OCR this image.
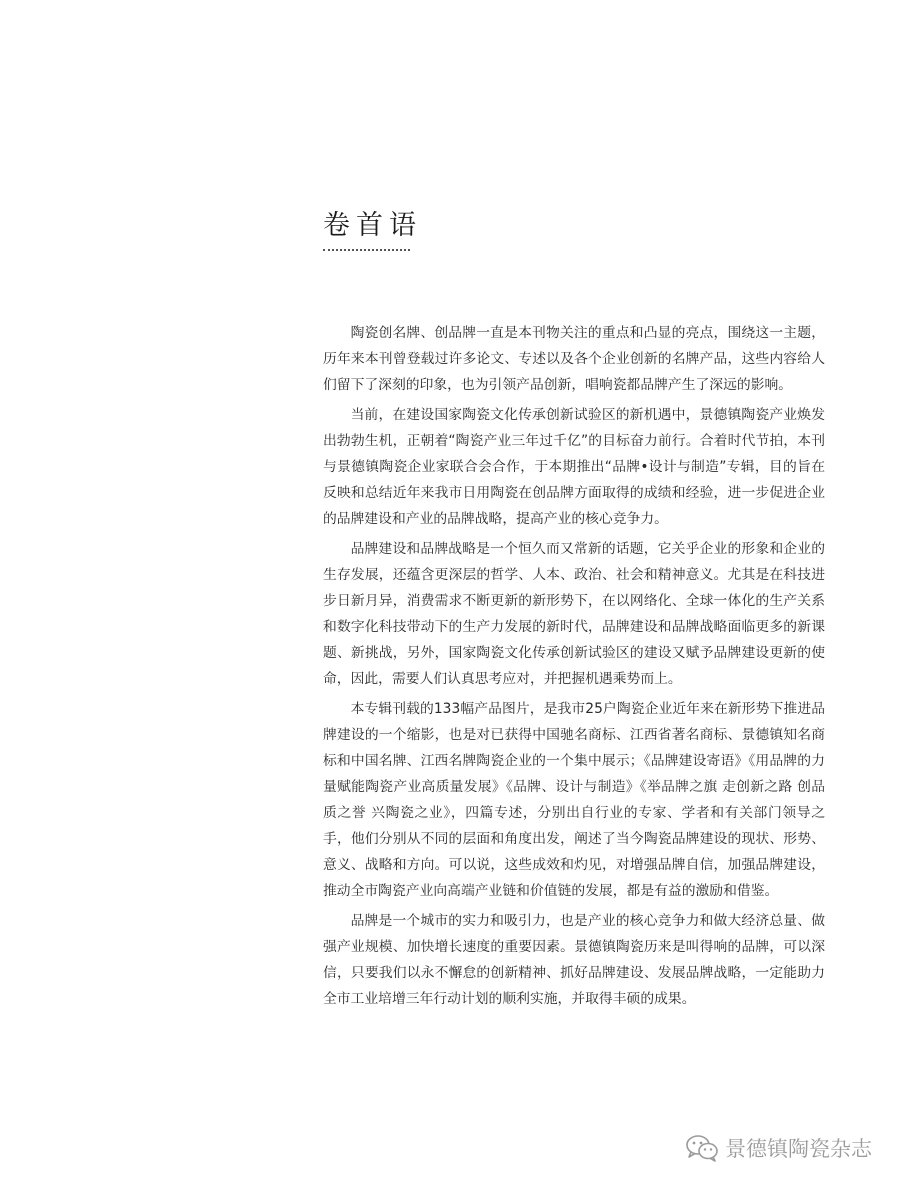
卷首语

陶瓷创名牌、创品牌一直是本刊物关注的重点和凸显的亮点，围绕这一主题，历年来本刊曾登载过许多论文、专述以及各个企业创新的名牌产品，这些内容给人们留下了深刻的印象，也为引领产品创新，唱响瓷都品牌产生了深远的影响。

当前，在建设国家陶瓷文化传承创新试验区的新机遇中，景德镇陶瓷产业焕发出勃勃生机，正朝着“陶瓷产业三年过千亿”的目标奋力前行。合着时代节拍，本刊与景德镇陶瓷企业家联合会合作，于本期推出“品牌•设计与制造”专辑，目的旨在反映和总结近年来我市日用陶瓷在创品牌方面取得的成绩和经验，进一步促进企业的品牌建设和产业的品牌战略，提高产业的核心竞争力。

品牌建设和品牌战略是一个恒久而又常新的话题，它关乎企业的形象和企业的生存发展，还蕴含更深层的哲学、人本、政治、社会和精神意义。尤其是在科技进步日新月异，消费需求不断更新的新形势下，在以网络化、全球一体化的生产关系和数字化科技带动下的生产力发展的新时代，品牌建设和品牌战略面临更多的新课题、新挑战，另外，国家陶瓷文化传承创新试验区的建设又赋予品牌建设更新的使命，因此，需要人们认真思考应对，并把握机遇乘势而上。

本专辑刊载的133幅产品图片，是我市25户陶瓷企业近年来在新形势下推进品牌建设的一个缩影，也是对已获得中国驰名商标、江西省著名商标、景德镇知名商标和中国名牌、江西名牌陶瓷企业的一个集中展示；《品牌建设寄语》《用品牌的力量赋能陶瓷产业高质量发展》《品牌、设计与制造》《举品牌之旗 走创新之路 创品质之誉 兴陶瓷之业》，四篇专述，分别出自行业的专家、学者和有关部门领导之手，他们分别从不同的层面和角度出发，阐述了当今陶瓷品牌建设的现状、形势、意义、战略和方向。可以说，这些成效和灼见，对增强品牌自信，加强品牌建设，推动全市陶瓷产业向高端产业链和价值链的发展，都是有益的激励和借鉴。

品牌是一个城市的实力和吸引力，也是产业的核心竞争力和做大经济总量、做强产业规模、加快增长速度的重要因素。景德镇陶瓷历来是叫得响的品牌，可以深信，只要我们以永不懈怠的创新精神、抓好品牌建设、发展品牌战略，一定能助力全市工业培增三年行动计划的顺利实施，并取得丰硕的成果。

景德镇陶瓷杂志
